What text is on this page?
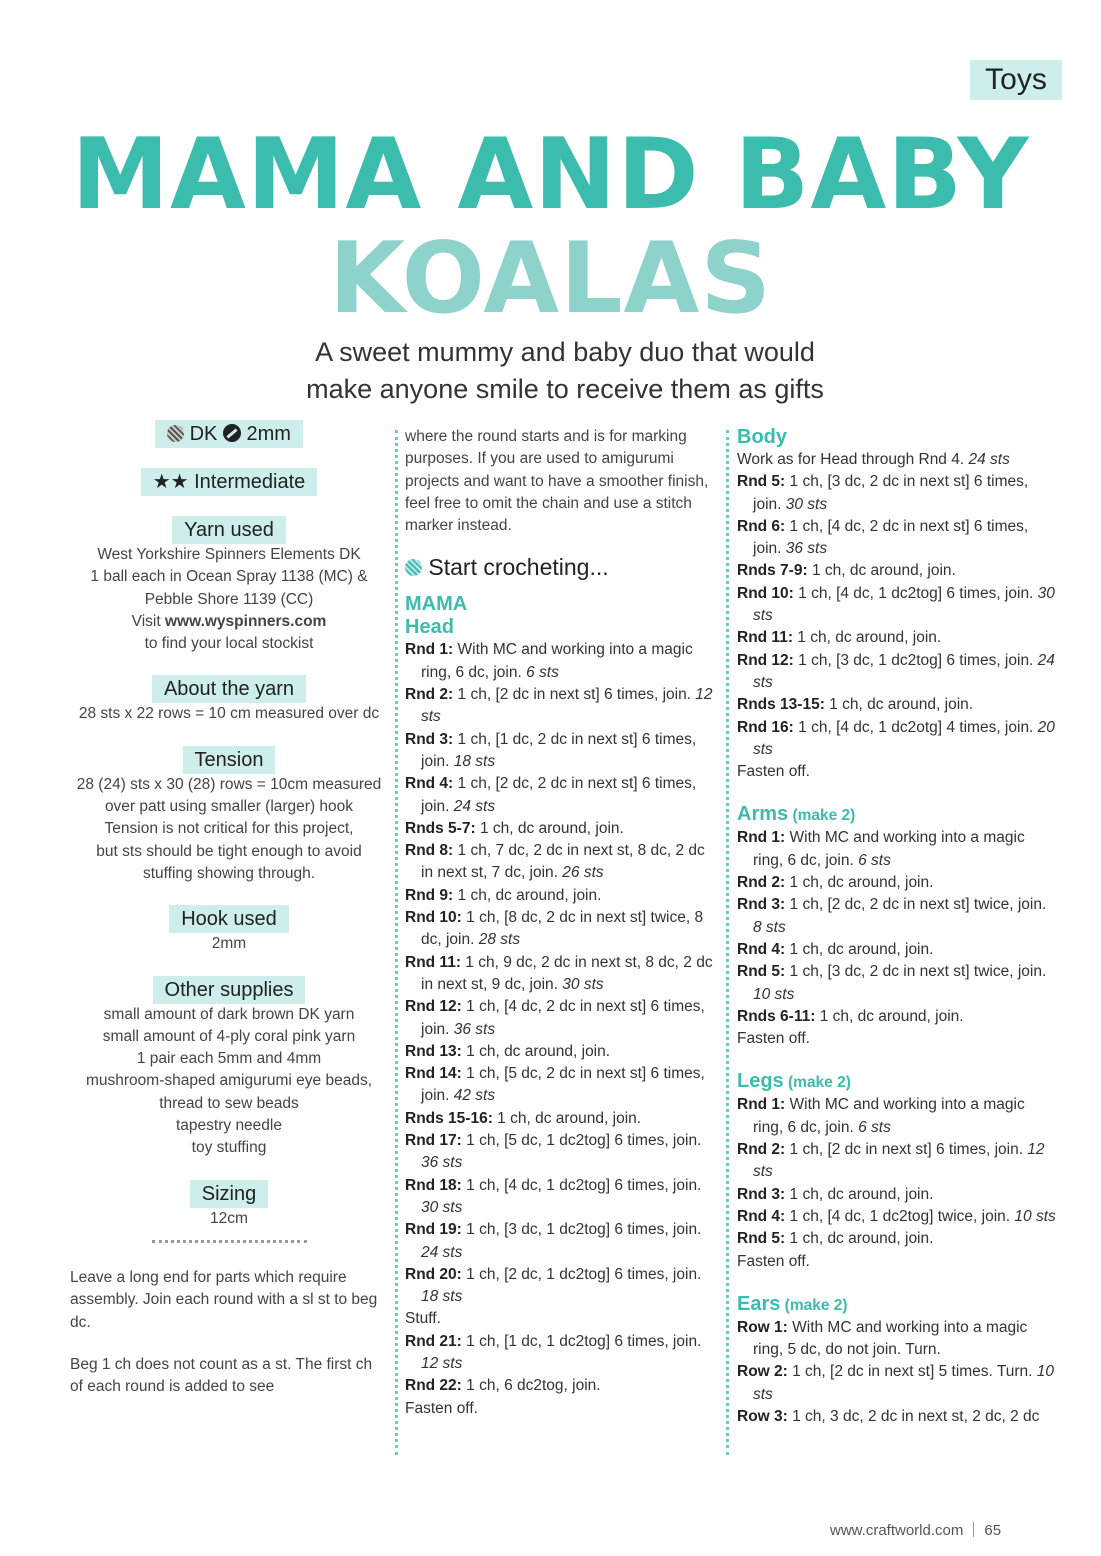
Toys
MAMA AND BABY
KOALAS
A sweet mummy and baby duo that would
make anyone smile to receive them as gifts
DK 2mm
★★ Intermediate
Yarn used
West Yorkshire Spinners Elements DK
1 ball each in Ocean Spray 1138 (MC) &
Pebble Shore 1139 (CC)
Visit www.wyspinners.com
to find your local stockist
About the yarn
28 sts x 22 rows = 10 cm measured over dc
Tension
28 (24) sts x 30 (28) rows = 10cm measured
over patt using smaller (larger) hook
Tension is not critical for this project,
but sts should be tight enough to avoid
stuffing showing through.
Hook used
2mm
Other supplies
small amount of dark brown DK yarn
small amount of 4-ply coral pink yarn
1 pair each 5mm and 4mm
mushroom-shaped amigurumi eye beads,
thread to sew beads
tapestry needle
toy stuffing
Sizing
12cm
Leave a long end for parts which require assembly. Join each round with a sl st to beg dc.
Beg 1 ch does not count as a st. The first ch of each round is added to see
where the round starts and is for marking purposes. If you are used to amigurumi projects and want to have a smoother finish, feel free to omit the chain and use a stitch marker instead.
Start crocheting...
MAMA
Head
Rnd 1: With MC and working into a magic ring, 6 dc, join. 6 sts
Rnd 2: 1 ch, [2 dc in next st] 6 times, join. 12 sts
Rnd 3: 1 ch, [1 dc, 2 dc in next st] 6 times, join. 18 sts
Rnd 4: 1 ch, [2 dc, 2 dc in next st] 6 times, join. 24 sts
Rnds 5-7: 1 ch, dc around, join.
Rnd 8: 1 ch, 7 dc, 2 dc in next st, 8 dc, 2 dc in next st, 7 dc, join. 26 sts
Rnd 9: 1 ch, dc around, join.
Rnd 10: 1 ch, [8 dc, 2 dc in next st] twice, 8 dc, join. 28 sts
Rnd 11: 1 ch, 9 dc, 2 dc in next st, 8 dc, 2 dc in next st, 9 dc, join. 30 sts
Rnd 12: 1 ch, [4 dc, 2 dc in next st] 6 times, join. 36 sts
Rnd 13: 1 ch, dc around, join.
Rnd 14: 1 ch, [5 dc, 2 dc in next st] 6 times, join. 42 sts
Rnds 15-16: 1 ch, dc around, join.
Rnd 17: 1 ch, [5 dc, 1 dc2tog] 6 times, join. 36 sts
Rnd 18: 1 ch, [4 dc, 1 dc2tog] 6 times, join. 30 sts
Rnd 19: 1 ch, [3 dc, 1 dc2tog] 6 times, join. 24 sts
Rnd 20: 1 ch, [2 dc, 1 dc2tog] 6 times, join. 18 sts
Stuff.
Rnd 21: 1 ch, [1 dc, 1 dc2tog] 6 times, join. 12 sts
Rnd 22: 1 ch, 6 dc2tog, join.
Fasten off.
Body
Work as for Head through Rnd 4. 24 sts
Rnd 5: 1 ch, [3 dc, 2 dc in next st] 6 times, join. 30 sts
Rnd 6: 1 ch, [4 dc, 2 dc in next st] 6 times, join. 36 sts
Rnds 7-9: 1 ch, dc around, join.
Rnd 10: 1 ch, [4 dc, 1 dc2tog] 6 times, join. 30 sts
Rnd 11: 1 ch, dc around, join.
Rnd 12: 1 ch, [3 dc, 1 dc2tog] 6 times, join. 24 sts
Rnds 13-15: 1 ch, dc around, join.
Rnd 16: 1 ch, [4 dc, 1 dc2otg] 4 times, join. 20 sts
Fasten off.
Arms (make 2)
Rnd 1: With MC and working into a magic ring, 6 dc, join. 6 sts
Rnd 2: 1 ch, dc around, join.
Rnd 3: 1 ch, [2 dc, 2 dc in next st] twice, join. 8 sts
Rnd 4: 1 ch, dc around, join.
Rnd 5: 1 ch, [3 dc, 2 dc in next st] twice, join. 10 sts
Rnds 6-11: 1 ch, dc around, join.
Fasten off.
Legs (make 2)
Rnd 1: With MC and working into a magic ring, 6 dc, join. 6 sts
Rnd 2: 1 ch, [2 dc in next st] 6 times, join. 12 sts
Rnd 3: 1 ch, dc around, join.
Rnd 4: 1 ch, [4 dc, 1 dc2tog] twice, join. 10 sts
Rnd 5: 1 ch, dc around, join.
Fasten off.
Ears (make 2)
Row 1: With MC and working into a magic ring, 5 dc, do not join. Turn.
Row 2: 1 ch, [2 dc in next st] 5 times. Turn. 10 sts
Row 3: 1 ch, 3 dc, 2 dc in next st, 2 dc, 2 dc
www.craftworld.com 65
